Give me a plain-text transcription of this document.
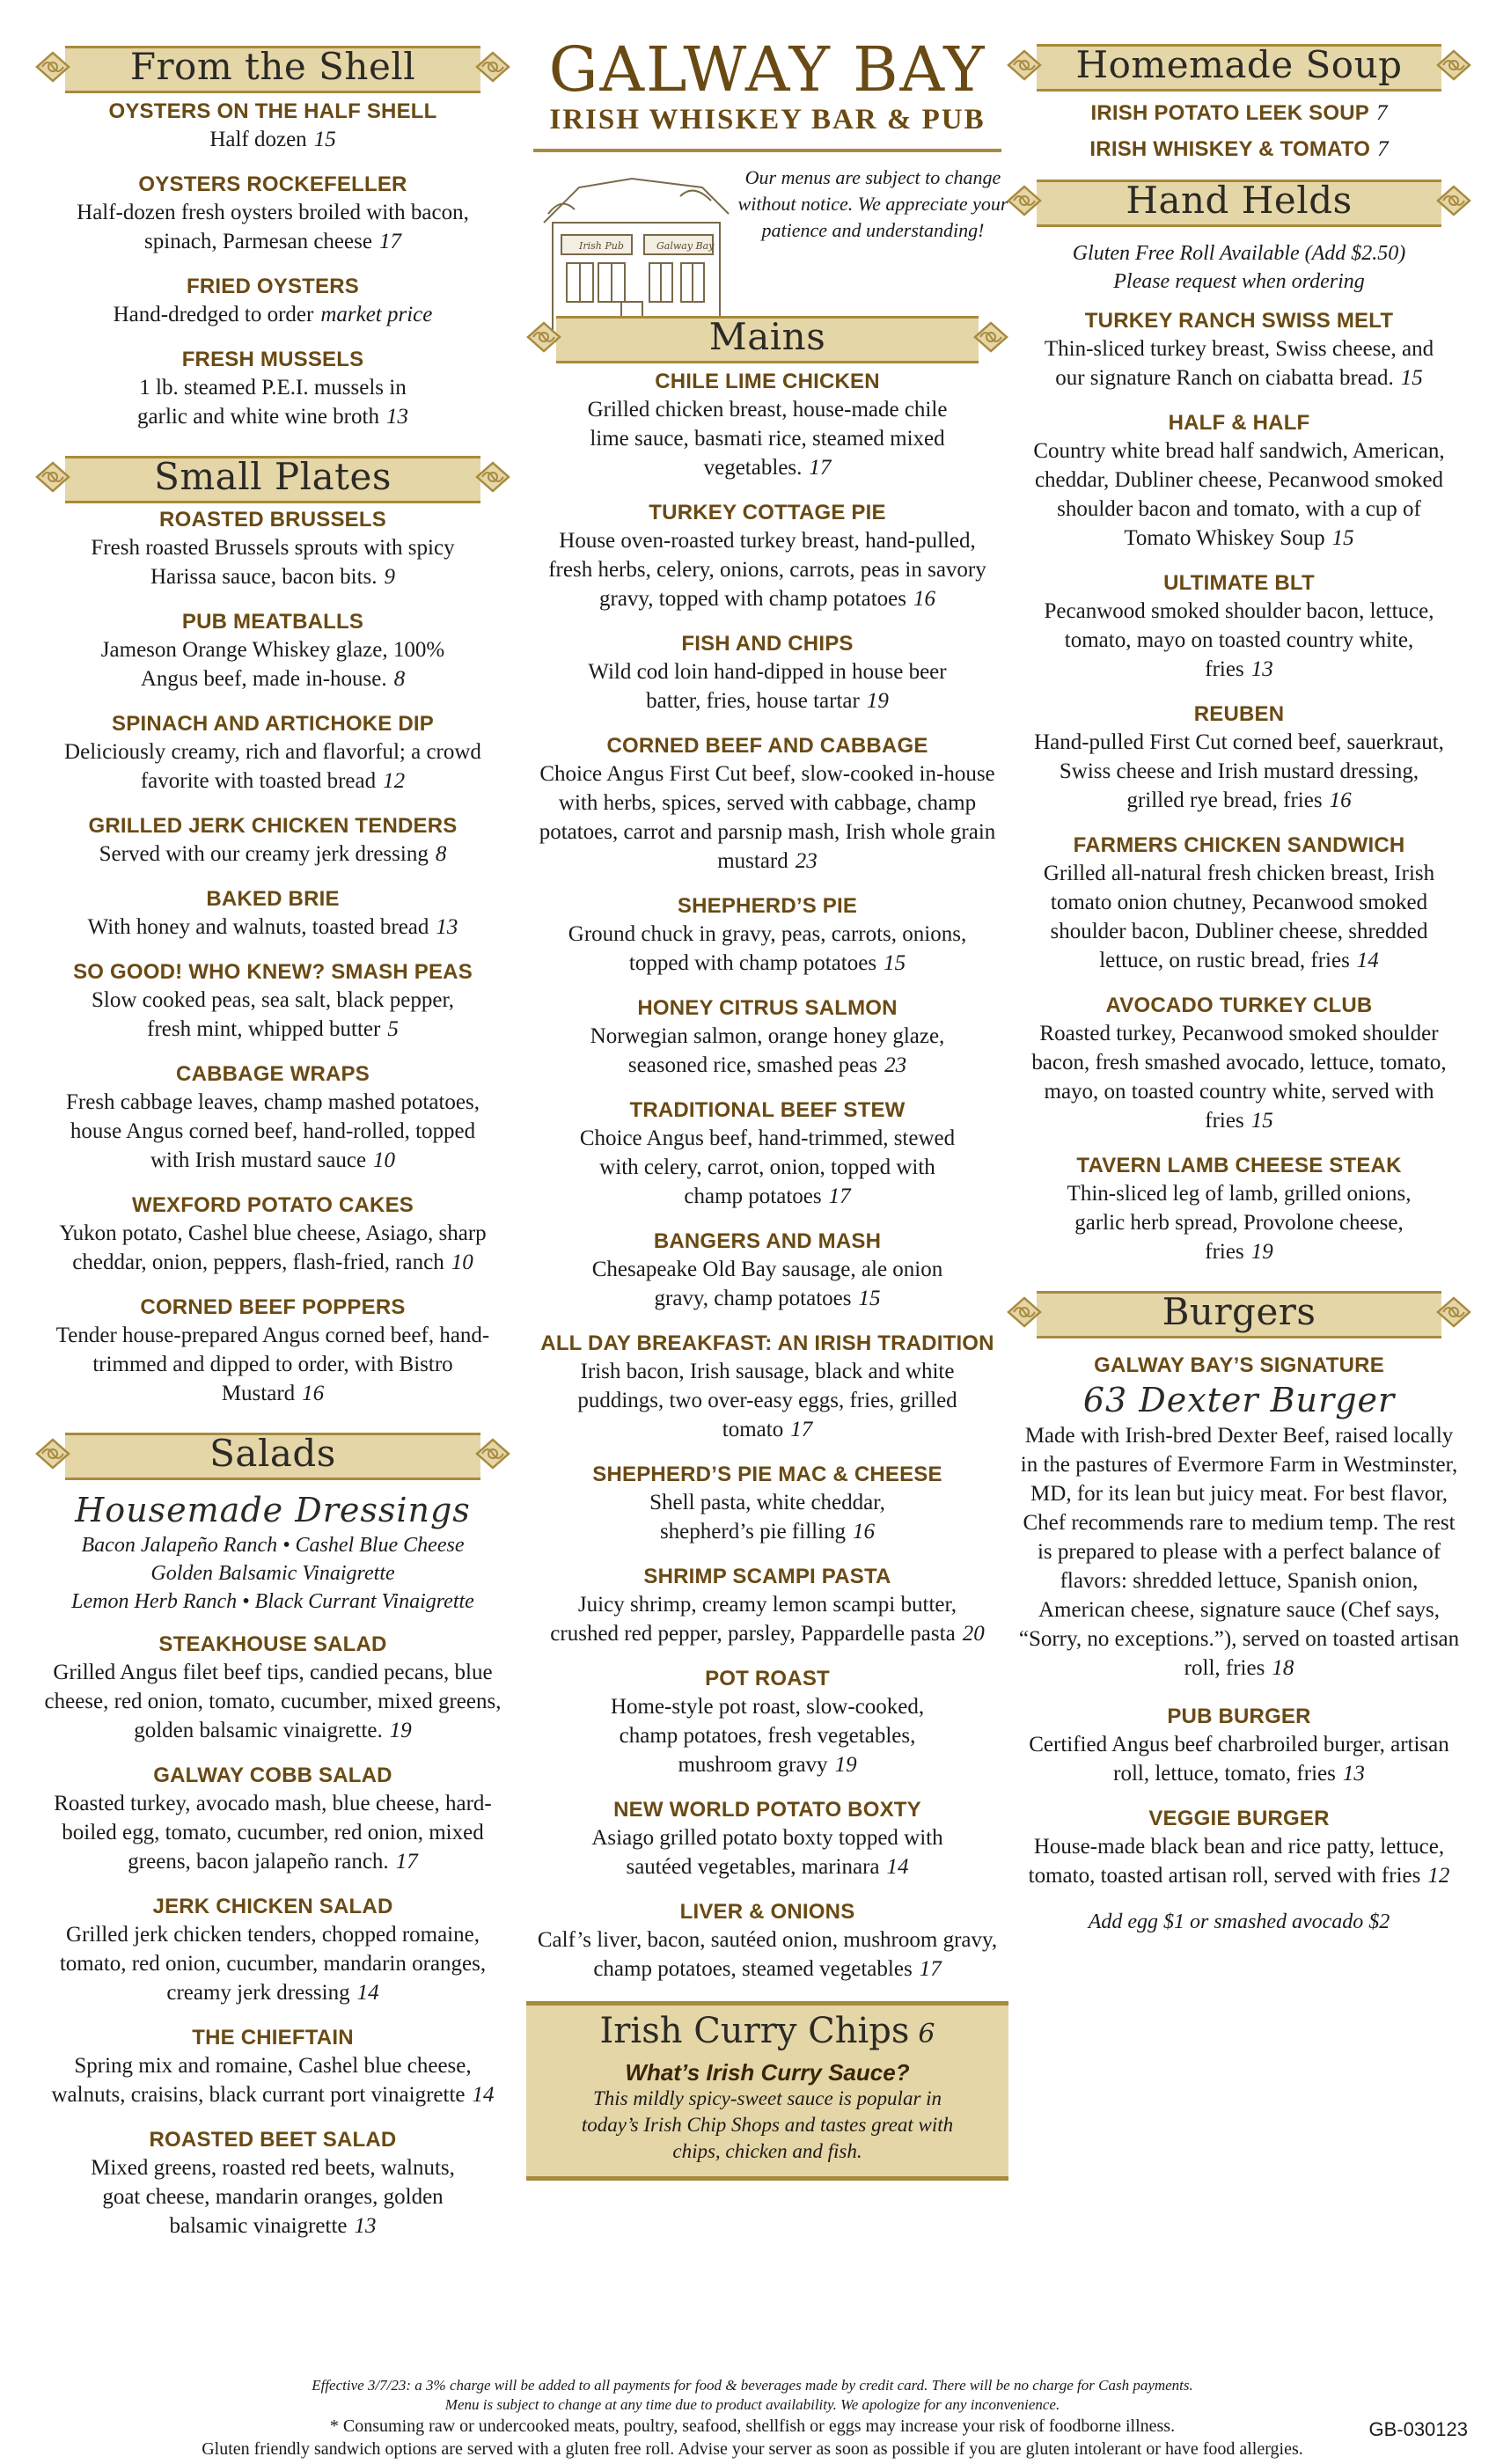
From the Shell
OYSTERS ON THE HALF SHELL
Half dozen 15
OYSTERS ROCKEFELLER
Half-dozen fresh oysters broiled with bacon, spinach, Parmesan cheese 17
FRIED OYSTERS
Hand-dredged to order market price
FRESH MUSSELS
1 lb. steamed P.E.I. mussels in garlic and white wine broth 13
Small Plates
ROASTED BRUSSELS
Fresh roasted Brussels sprouts with spicy Harissa sauce, bacon bits. 9
PUB MEATBALLS
Jameson Orange Whiskey glaze, 100% Angus beef, made in-house. 8
SPINACH AND ARTICHOKE DIP
Deliciously creamy, rich and flavorful; a crowd favorite with toasted bread 12
GRILLED JERK CHICKEN TENDERS
Served with our creamy jerk dressing 8
BAKED BRIE
With honey and walnuts, toasted bread 13
SO GOOD! WHO KNEW? SMASH PEAS
Slow cooked peas, sea salt, black pepper, fresh mint, whipped butter 5
CABBAGE WRAPS
Fresh cabbage leaves, champ mashed potatoes, house Angus corned beef, hand-rolled, topped with Irish mustard sauce 10
WEXFORD POTATO CAKES
Yukon potato, Cashel blue cheese, Asiago, sharp cheddar, onion, peppers, flash-fried, ranch 10
CORNED BEEF POPPERS
Tender house-prepared Angus corned beef, hand-trimmed and dipped to order, with Bistro Mustard 16
Salads
Housemade Dressings
Bacon Jalapeño Ranch • Cashel Blue Cheese
Golden Balsamic Vinaigrette
Lemon Herb Ranch • Black Currant Vinaigrette
STEAKHOUSE SALAD
Grilled Angus filet beef tips, candied pecans, blue cheese, red onion, tomato, cucumber, mixed greens, golden balsamic vinaigrette. 19
GALWAY COBB SALAD
Roasted turkey, avocado mash, blue cheese, hard-boiled egg, tomato, cucumber, red onion, mixed greens, bacon jalapeño ranch. 17
JERK CHICKEN SALAD
Grilled jerk chicken tenders, chopped romaine, tomato, red onion, cucumber, mandarin oranges, creamy jerk dressing 14
THE CHIEFTAIN
Spring mix and romaine, Cashel blue cheese, walnuts, craisins, black currant port vinaigrette 14
ROASTED BEET SALAD
Mixed greens, roasted red beets, walnuts, goat cheese, mandarin oranges, golden balsamic vinaigrette 13
GALWAY BAY
IRISH WHISKEY BAR & PUB
Irish Pub	Galway Bay
Our menus are subject to change without notice. We appreciate your patience and understanding!
Mains
CHILE LIME CHICKEN
Grilled chicken breast, house-made chile lime sauce, basmati rice, steamed mixed vegetables. 17
TURKEY COTTAGE PIE
House oven-roasted turkey breast, hand-pulled, fresh herbs, celery, onions, carrots, peas in savory gravy, topped with champ potatoes 16
FISH AND CHIPS
Wild cod loin hand-dipped in house beer batter, fries, house tartar 19
CORNED BEEF AND CABBAGE
Choice Angus First Cut beef, slow-cooked in-house with herbs, spices, served with cabbage, champ potatoes, carrot and parsnip mash, Irish whole grain mustard 23
SHEPHERD’S PIE
Ground chuck in gravy, peas, carrots, onions, topped with champ potatoes 15
HONEY CITRUS SALMON
Norwegian salmon, orange honey glaze, seasoned rice, smashed peas 23
TRADITIONAL BEEF STEW
Choice Angus beef, hand-trimmed, stewed with celery, carrot, onion, topped with champ potatoes 17
BANGERS AND MASH
Chesapeake Old Bay sausage, ale onion gravy, champ potatoes 15
ALL DAY BREAKFAST: AN IRISH TRADITION
Irish bacon, Irish sausage, black and white puddings, two over-easy eggs, fries, grilled tomato 17
SHEPHERD’S PIE MAC & CHEESE
Shell pasta, white cheddar, shepherd’s pie filling 16
SHRIMP SCAMPI PASTA
Juicy shrimp, creamy lemon scampi butter, crushed red pepper, parsley, Pappardelle pasta 20
POT ROAST
Home-style pot roast, slow-cooked, champ potatoes, fresh vegetables, mushroom gravy 19
NEW WORLD POTATO BOXTY
Asiago grilled potato boxty topped with sautéed vegetables, marinara 14
LIVER & ONIONS
Calf’s liver, bacon, sautéed onion, mushroom gravy, champ potatoes, steamed vegetables 17
Irish Curry Chips 6
What’s Irish Curry Sauce?
This mildly spicy-sweet sauce is popular in today’s Irish Chip Shops and tastes great with chips, chicken and fish.
Homemade Soup
IRISH POTATO LEEK SOUP 7
IRISH WHISKEY & TOMATO 7
Hand Helds
Gluten Free Roll Available (Add $2.50) Please request when ordering
TURKEY RANCH SWISS MELT
Thin-sliced turkey breast, Swiss cheese, and our signature Ranch on ciabatta bread. 15
HALF & HALF
Country white bread half sandwich, American, cheddar, Dubliner cheese, Pecanwood smoked shoulder bacon and tomato, with a cup of Tomato Whiskey Soup 15
ULTIMATE BLT
Pecanwood smoked shoulder bacon, lettuce, tomato, mayo on toasted country white, fries 13
REUBEN
Hand-pulled First Cut corned beef, sauerkraut, Swiss cheese and Irish mustard dressing, grilled rye bread, fries 16
FARMERS CHICKEN SANDWICH
Grilled all-natural fresh chicken breast, Irish tomato onion chutney, Pecanwood smoked shoulder bacon, Dubliner cheese, shredded lettuce, on rustic bread, fries 14
AVOCADO TURKEY CLUB
Roasted turkey, Pecanwood smoked shoulder bacon, fresh smashed avocado, lettuce, tomato, mayo, on toasted country white, served with fries 15
TAVERN LAMB CHEESE STEAK
Thin-sliced leg of lamb, grilled onions, garlic herb spread, Provolone cheese, fries 19
Burgers
GALWAY BAY’S SIGNATURE
63 Dexter Burger
Made with Irish-bred Dexter Beef, raised locally in the pastures of Evermore Farm in Westminster, MD, for its lean but juicy meat. For best flavor, Chef recommends rare to medium temp. The rest is prepared to please with a perfect balance of flavors: shredded lettuce, Spanish onion, American cheese, signature sauce (Chef says, “Sorry, no exceptions.”), served on toasted artisan roll, fries 18
PUB BURGER
Certified Angus beef charbroiled burger, artisan roll, lettuce, tomato, fries 13
VEGGIE BURGER
House-made black bean and rice patty, lettuce, tomato, toasted artisan roll, served with fries 12
Add egg $1 or smashed avocado $2
Effective 3/7/23: a 3% charge will be added to all payments for food & beverages made by credit card. There will be no charge for Cash payments.
Menu is subject to change at any time due to product availability. We apologize for any inconvenience.
* Consuming raw or undercooked meats, poultry, seafood, shellfish or eggs may increase your risk of foodborne illness.
Gluten friendly sandwich options are served with a gluten free roll. Advise your server as soon as possible if you are gluten intolerant or have food allergies.
GB-030123
